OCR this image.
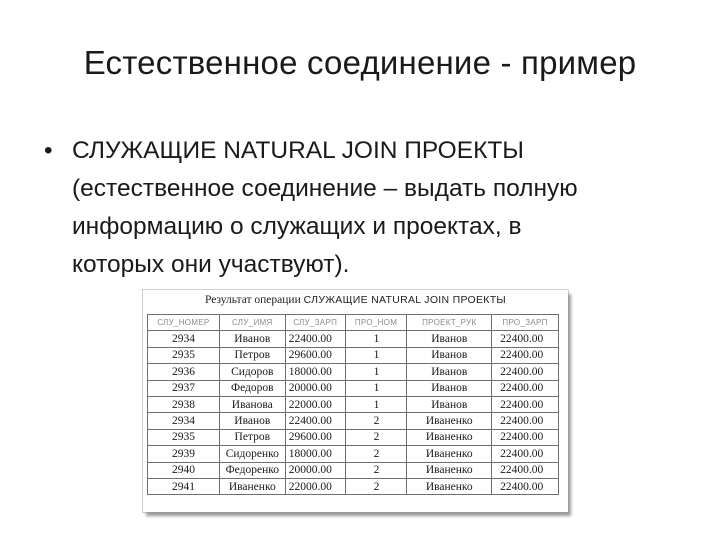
Естественное соединение - пример
• СЛУЖАЩИЕ NATURAL JOIN ПРОЕКТЫ
(естественное соединение – выдать полную
информацию о служащих и проектах, в
которых они участвуют).
Результат операции СЛУЖАЩИЕ NATURAL JOIN ПРОЕКТЫ
СЛУ_НОМЕР	СЛУ_ИМЯ	СЛУ_ЗАРП	ПРО_НОМ	ПРОЕКТ_РУК	ПРО_ЗАРП
2934	Иванов	22400.00	1	Иванов	22400.00
2935	Петров	29600.00	1	Иванов	22400.00
2936	Сидоров	18000.00	1	Иванов	22400.00
2937	Федоров	20000.00	1	Иванов	22400.00
2938	Иванова	22000.00	1	Иванов	22400.00
2934	Иванов	22400.00	2	Иваненко	22400.00
2935	Петров	29600.00	2	Иваненко	22400.00
2939	Сидоренко	18000.00	2	Иваненко	22400.00
2940	Федоренко	20000.00	2	Иваненко	22400.00
2941	Иваненко	22000.00	2	Иваненко	22400.00
